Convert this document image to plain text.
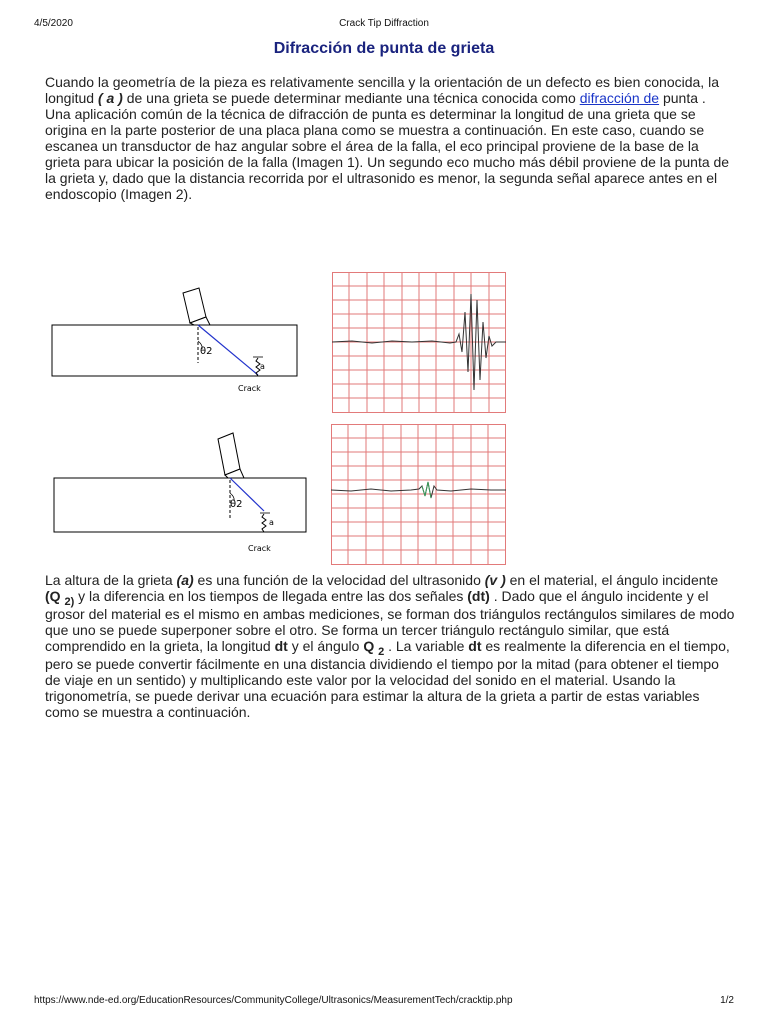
4/5/2020	Crack Tip Diffraction
Difracción de punta de grieta
Cuando la geometría de la pieza es relativamente sencilla y la orientación de un defecto es bien conocida, la longitud ( a ) de una grieta se puede determinar mediante una técnica conocida como difracción de punta . Una aplicación común de la técnica de difracción de punta es determinar la longitud de una grieta que se origina en la parte posterior de una placa plana como se muestra a continuación. En este caso, cuando se escanea un transductor de haz angular sobre el área de la falla, el eco principal proviene de la base de la grieta para ubicar la posición de la falla (Imagen 1). Un segundo eco mucho más débil proviene de la punta de la grieta y, dado que la distancia recorrida por el ultrasonido es menor, la segunda señal aparece antes en el endoscopio (Imagen 2).
θ2
a
Crack
θ2
a
Crack
La altura de la grieta (a) es una función de la velocidad del ultrasonido (v ) en el material, el ángulo incidente (Q $_{2)}$ y la diferencia en los tiempos de llegada entre las dos señales (dt) . Dado que el ángulo incidente y el grosor del material es el mismo en ambas mediciones, se forman dos triángulos rectángulos similares de modo que uno se puede superponer sobre el otro. Se forma un tercer triángulo rectángulo similar, que está comprendido en la grieta, la longitud dt y el ángulo Q $_2$ . La variable dt es realmente la diferencia en el tiempo, pero se puede convertir fácilmente en una distancia dividiendo el tiempo por la mitad (para obtener el tiempo de viaje en un sentido) y multiplicando este valor por la velocidad del sonido en el material. Usando la trigonometría, se puede derivar una ecuación para estimar la altura de la grieta a partir de estas variables como se muestra a continuación.
https://www.nde-ed.org/EducationResources/CommunityCollege/Ultrasonics/MeasurementTech/cracktip.php	1/2
